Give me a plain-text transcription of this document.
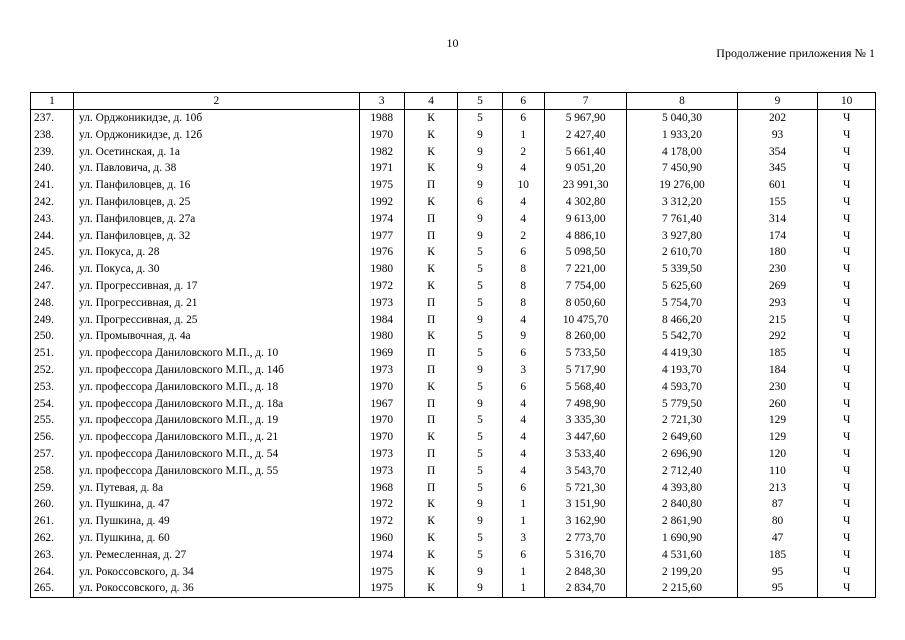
10
Продолжение приложения № 1
1	2	3	4	5	6	7	8	9	10
237.	ул. Орджоникидзе, д. 10б	1988	К	5	6	5 967,90	5 040,30	202	Ч
238.	ул. Орджоникидзе, д. 12б	1970	К	9	1	2 427,40	1 933,20	93	Ч
239.	ул. Осетинская, д. 1а	1982	К	9	2	5 661,40	4 178,00	354	Ч
240.	ул. Павловича, д. 38	1971	К	9	4	9 051,20	7 450,90	345	Ч
241.	ул. Панфиловцев, д. 16	1975	П	9	10	23 991,30	19 276,00	601	Ч
242.	ул. Панфиловцев, д. 25	1992	К	6	4	4 302,80	3 312,20	155	Ч
243.	ул. Панфиловцев, д. 27а	1974	П	9	4	9 613,00	7 761,40	314	Ч
244.	ул. Панфиловцев, д. 32	1977	П	9	2	4 886,10	3 927,80	174	Ч
245.	ул. Покуса, д. 28	1976	К	5	6	5 098,50	2 610,70	180	Ч
246.	ул. Покуса, д. 30	1980	К	5	8	7 221,00	5 339,50	230	Ч
247.	ул. Прогрессивная, д. 17	1972	К	5	8	7 754,00	5 625,60	269	Ч
248.	ул. Прогрессивная, д. 21	1973	П	5	8	8 050,60	5 754,70	293	Ч
249.	ул. Прогрессивная, д. 25	1984	П	9	4	10 475,70	8 466,20	215	Ч
250.	ул. Промывочная, д. 4а	1980	К	5	9	8 260,00	5 542,70	292	Ч
251.	ул. профессора Даниловского М.П., д. 10	1969	П	5	6	5 733,50	4 419,30	185	Ч
252.	ул. профессора Даниловского М.П., д. 14б	1973	П	9	3	5 717,90	4 193,70	184	Ч
253.	ул. профессора Даниловского М.П., д. 18	1970	К	5	6	5 568,40	4 593,70	230	Ч
254.	ул. профессора Даниловского М.П., д. 18а	1967	П	9	4	7 498,90	5 779,50	260	Ч
255.	ул. профессора Даниловского М.П., д. 19	1970	П	5	4	3 335,30	2 721,30	129	Ч
256.	ул. профессора Даниловского М.П., д. 21	1970	К	5	4	3 447,60	2 649,60	129	Ч
257.	ул. профессора Даниловского М.П., д. 54	1973	П	5	4	3 533,40	2 696,90	120	Ч
258.	ул. профессора Даниловского М.П., д. 55	1973	П	5	4	3 543,70	2 712,40	110	Ч
259.	ул. Путевая, д. 8а	1968	П	5	6	5 721,30	4 393,80	213	Ч
260.	ул. Пушкина, д. 47	1972	К	9	1	3 151,90	2 840,80	87	Ч
261.	ул. Пушкина, д. 49	1972	К	9	1	3 162,90	2 861,90	80	Ч
262.	ул. Пушкина, д. 60	1960	К	5	3	2 773,70	1 690,90	47	Ч
263.	ул. Ремесленная, д. 27	1974	К	5	6	5 316,70	4 531,60	185	Ч
264.	ул. Рокоссовского, д. 34	1975	К	9	1	2 848,30	2 199,20	95	Ч
265.	ул. Рокоссовского, д. 36	1975	К	9	1	2 834,70	2 215,60	95	Ч
